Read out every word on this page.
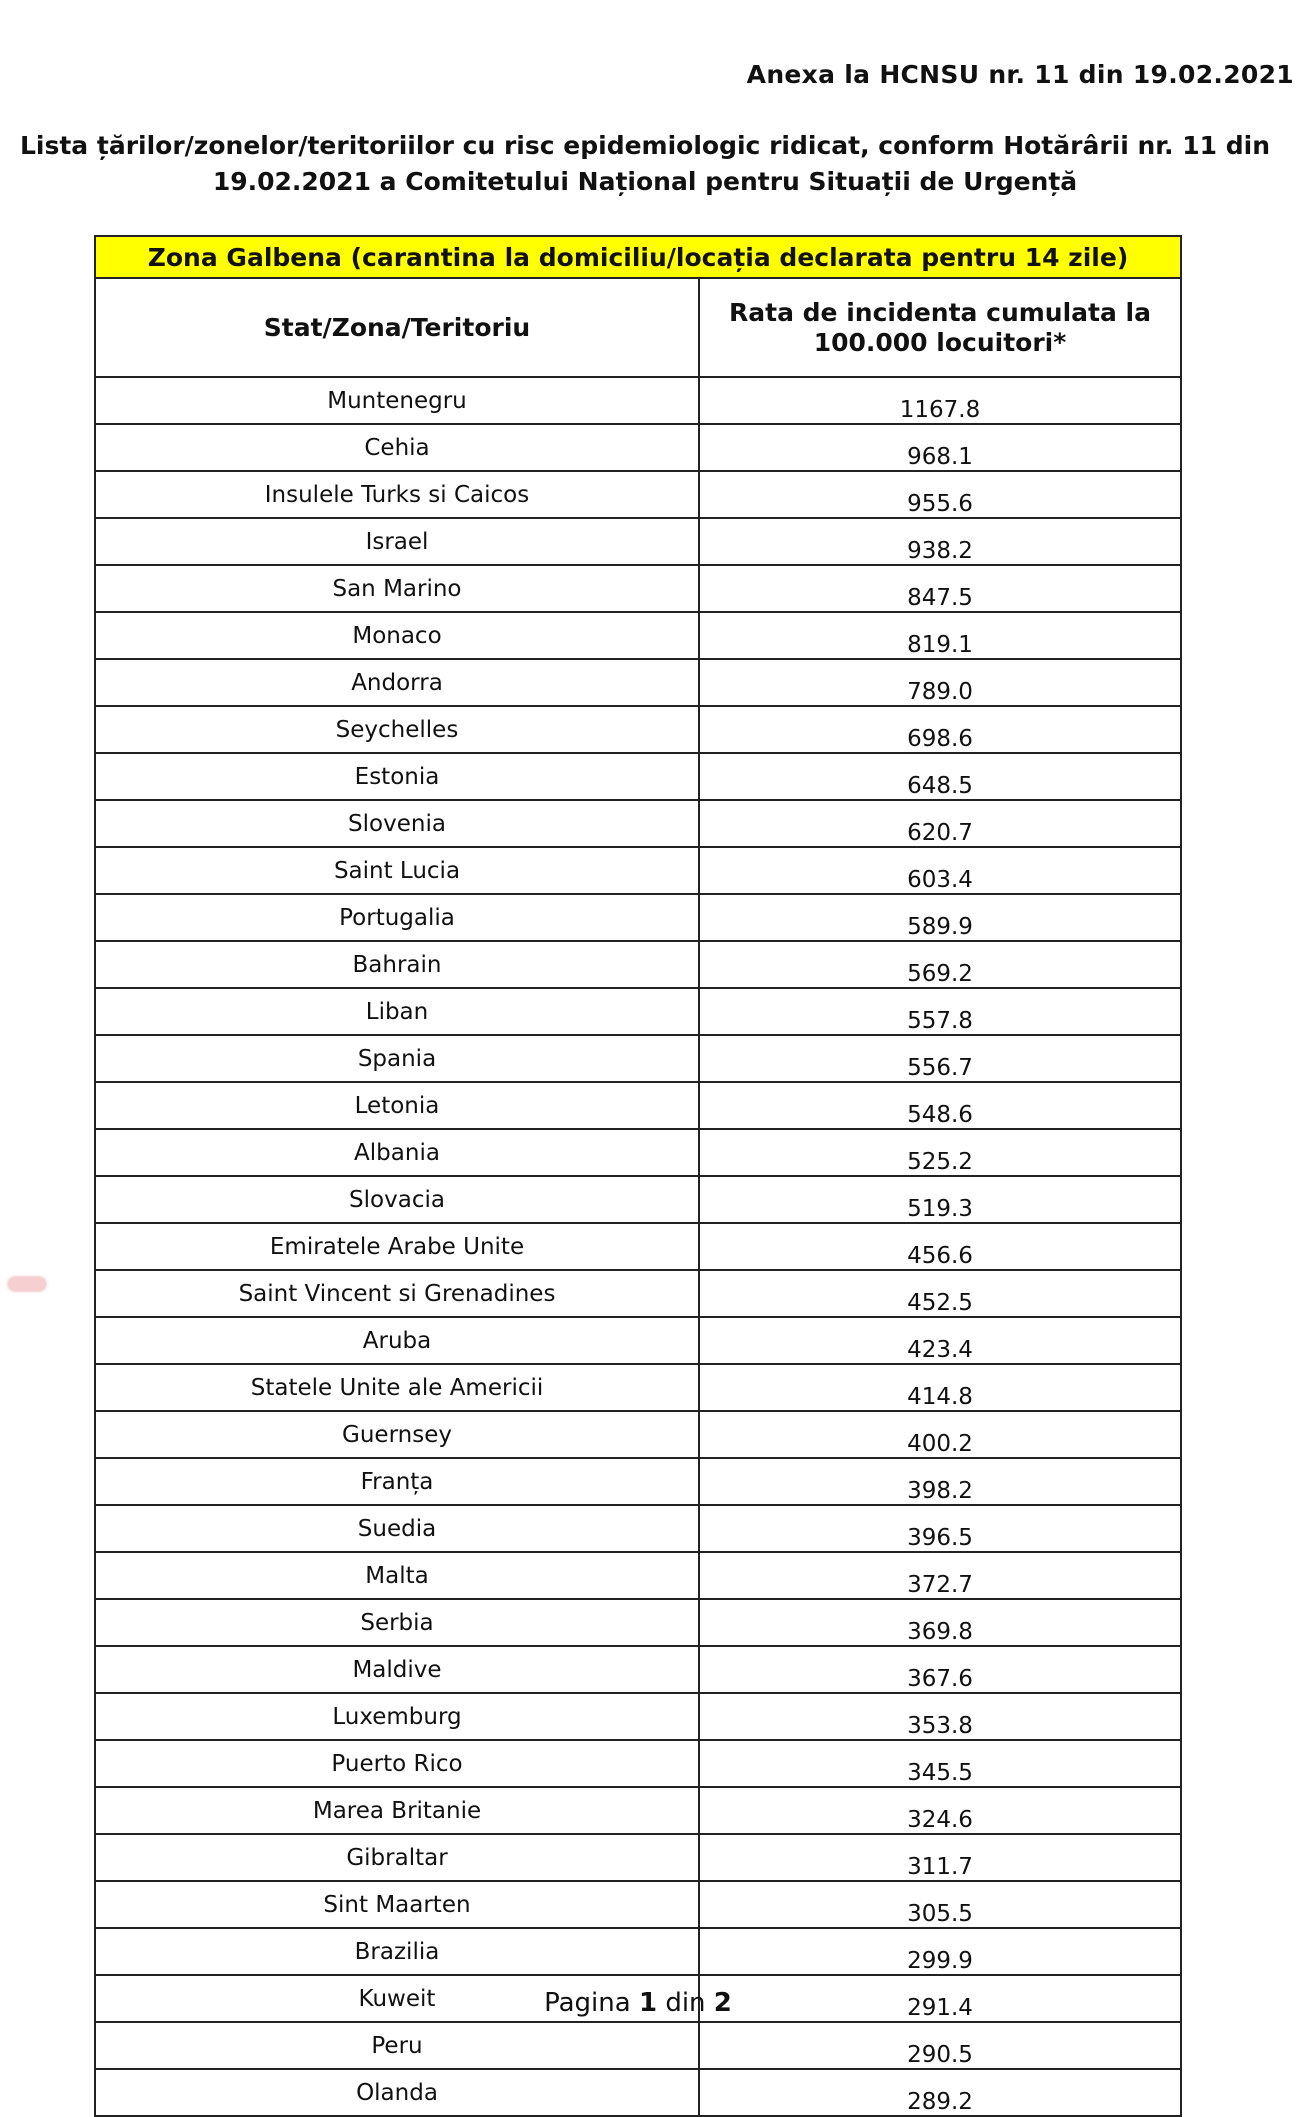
Anexa la HCNSU nr. 11 din 19.02.2021
Lista țărilor/zonelor/teritoriilor cu risc epidemiologic ridicat, conform Hotărârii nr. 11 din
19.02.2021 a Comitetului Național pentru Situații de Urgență
Zona Galbena (carantina la domiciliu/locația declarata pentru 14 zile)	
Stat/Zona/Teritoriu	Rata de incidenta cumulata la
100.000 locuitori*

Muntenegru	1167.8
Cehia	968.1
Insulele Turks si Caicos	955.6
Israel	938.2
San Marino	847.5
Monaco	819.1
Andorra	789.0
Seychelles	698.6
Estonia	648.5
Slovenia	620.7
Saint Lucia	603.4
Portugalia	589.9
Bahrain	569.2
Liban	557.8
Spania	556.7
Letonia	548.6
Albania	525.2
Slovacia	519.3
Emiratele Arabe Unite	456.6
Saint Vincent si Grenadines	452.5
Aruba	423.4
Statele Unite ale Americii	414.8
Guernsey	400.2
Franța	398.2
Suedia	396.5
Malta	372.7
Serbia	369.8
Maldive	367.6
Luxemburg	353.8
Puerto Rico	345.5
Marea Britanie	324.6
Gibraltar	311.7
Sint Maarten	305.5
Brazilia	299.9
Kuweit	291.4
Peru	290.5
Olanda	289.2
Pagina 1 din 2
